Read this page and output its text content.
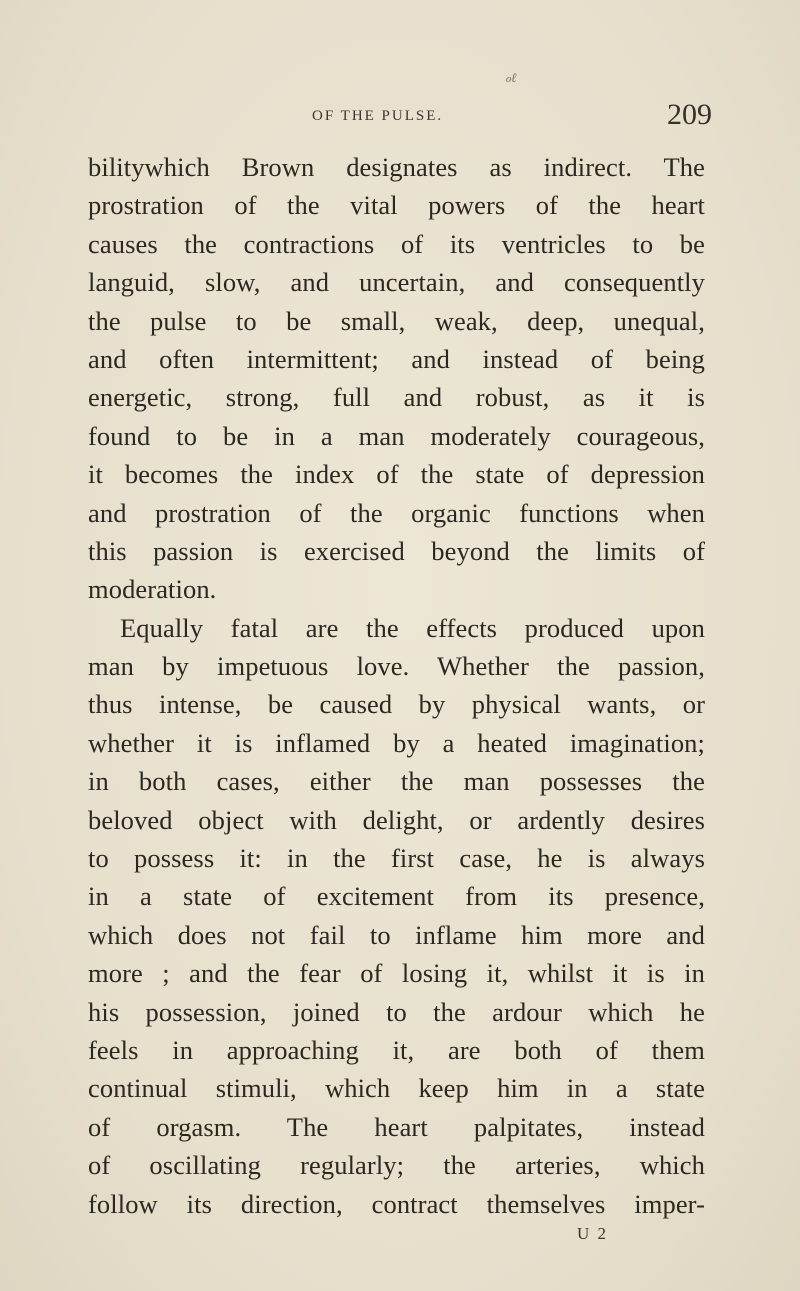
ℴℓ
OF THE PULSE.	209
bilitywhich Brown designates as indirect. The
prostration of the vital powers of the heart
causes the contractions of its ventricles to be
languid, slow, and uncertain, and consequently
the pulse to be small, weak, deep, unequal,
and often intermittent; and instead of being
energetic, strong, full and robust, as it is
found to be in a man moderately courageous,
it becomes the index of the state of depression
and prostration of the organic functions when
this passion is exercised beyond the limits of
moderation.
Equally fatal are the effects produced upon
man by impetuous love. Whether the passion,
thus intense, be caused by physical wants, or
whether it is inflamed by a heated imagination;
in both cases, either the man possesses the
beloved object with delight, or ardently desires
to possess it: in the first case, he is always
in a state of excitement from its presence,
which does not fail to inflame him more and
more ; and the fear of losing it, whilst it is in
his possession, joined to the ardour which he
feels in approaching it, are both of them
continual stimuli, which keep him in a state
of orgasm. The heart palpitates, instead
of oscillating regularly; the arteries, which
follow its direction, contract themselves imper-
U 2
